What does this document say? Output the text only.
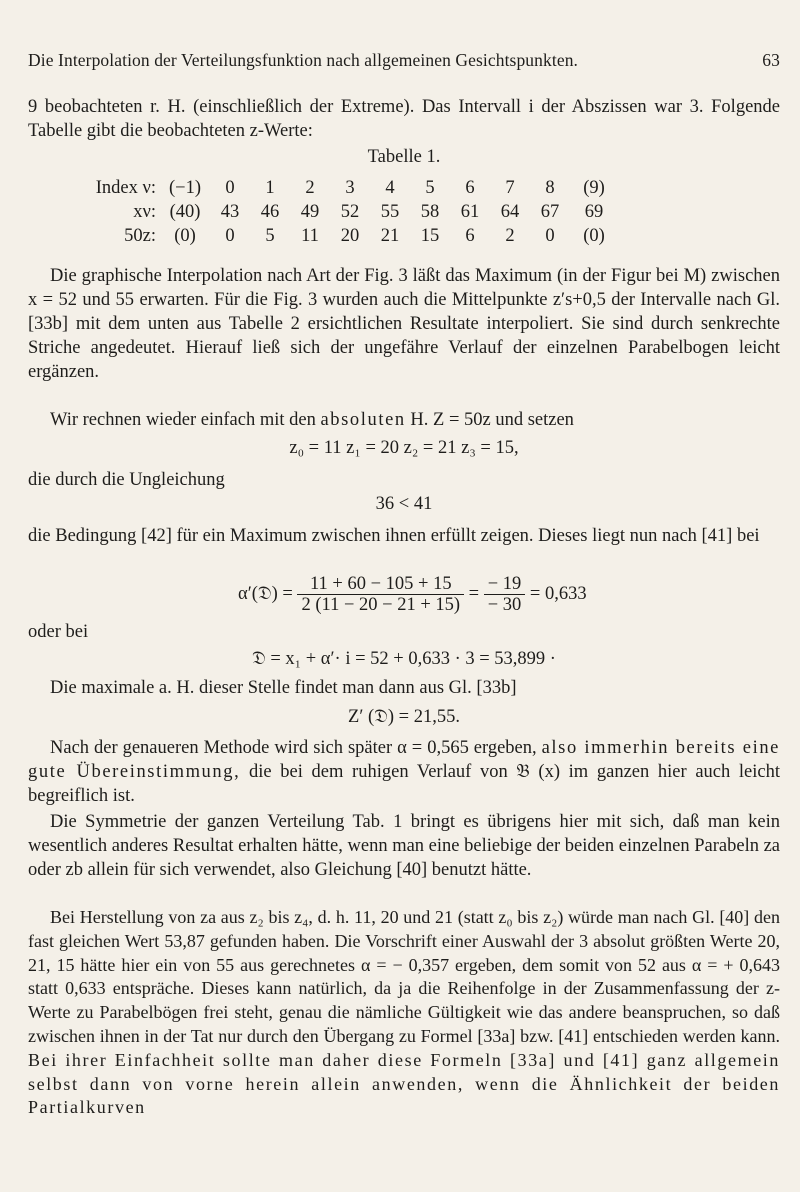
Die Interpolation der Verteilungsfunktion nach allgemeinen Gesichtspunkten.	63

9 beobachteten r. H. (einschließlich der Extreme). Das Intervall i der Abszissen war 3. Folgende Tabelle gibt die beobachteten z-Werte:

Tabelle 1.
Index ν:	(−1)	0	1	2	3	4	5	6	7	8	(9)
xν:	(40)	43	46	49	52	55	58	61	64	67	69
50z:	(0)	0	5	11	20	21	15	6	2	0	(0)

Die graphische Interpolation nach Art der Fig. 3 läßt das Maximum (in der Figur bei M) zwischen x = 52 und 55 erwarten. Für die Fig. 3 wurden auch die Mittelpunkte z′s+0,5 der Intervalle nach Gl. [33b] mit dem unten aus Tabelle 2 ersichtlichen Resultate interpoliert. Sie sind durch senkrechte Striche angedeutet. Hierauf ließ sich der ungefähre Verlauf der einzelnen Parabelbogen leicht ergänzen.

Wir rechnen wieder einfach mit den absoluten H. Z = 50z und setzen

z₀ = 11 z₁ = 20 z₂ = 21 z₃ = 15,

die durch die Ungleichung

36 < 41

die Bedingung [42] für ein Maximum zwischen ihnen erfüllt zeigen. Dieses liegt nun nach [41] bei

α′(𝔇) = $\frac{11 + 60 - 105 + 15}{2 (11 - 20 - 21 + 15)} = \frac{- 19}{- 30} = 0,633$

oder bei

𝔇 = x₁ + α′· i = 52 + 0,633 · 3 = 53,899 ·

Die maximale a. H. dieser Stelle findet man dann aus Gl. [33b]

Z′ (𝔇) = 21,55.

Nach der genaueren Methode wird sich später α = 0,565 ergeben, also immerhin bereits eine gute Übereinstimmung, die bei dem ruhigen Verlauf von 𝔅 (x) im ganzen hier auch leicht begreiflich ist.

Die Symmetrie der ganzen Verteilung Tab. 1 bringt es übrigens hier mit sich, daß man kein wesentlich anderes Resultat erhalten hätte, wenn man eine beliebige der beiden einzelnen Parabeln za oder zb allein für sich verwendet, also Gleichung [40] benutzt hätte.

Bei Herstellung von za aus z₂ bis z₄, d. h. 11, 20 und 21 (statt z₀ bis z₂) würde man nach Gl. [40] den fast gleichen Wert 53,87 gefunden haben. Die Vorschrift einer Auswahl der 3 absolut größten Werte 20, 21, 15 hätte hier ein von 55 aus gerechnetes α = − 0,357 ergeben, dem somit von 52 aus α = + 0,643 statt 0,633 entspräche. Dieses kann natürlich, da ja die Reihenfolge in der Zusammenfassung der z-Werte zu Parabelbögen frei steht, genau die nämliche Gültigkeit wie das andere beanspruchen, so daß zwischen ihnen in der Tat nur durch den Übergang zu Formel [33a] bzw. [41] entschieden werden kann. Bei ihrer Einfachheit sollte man daher diese Formeln [33a] und [41] ganz allgemein selbst dann von vorne herein allein anwenden, wenn die Ähnlichkeit der beiden Partialkurven
